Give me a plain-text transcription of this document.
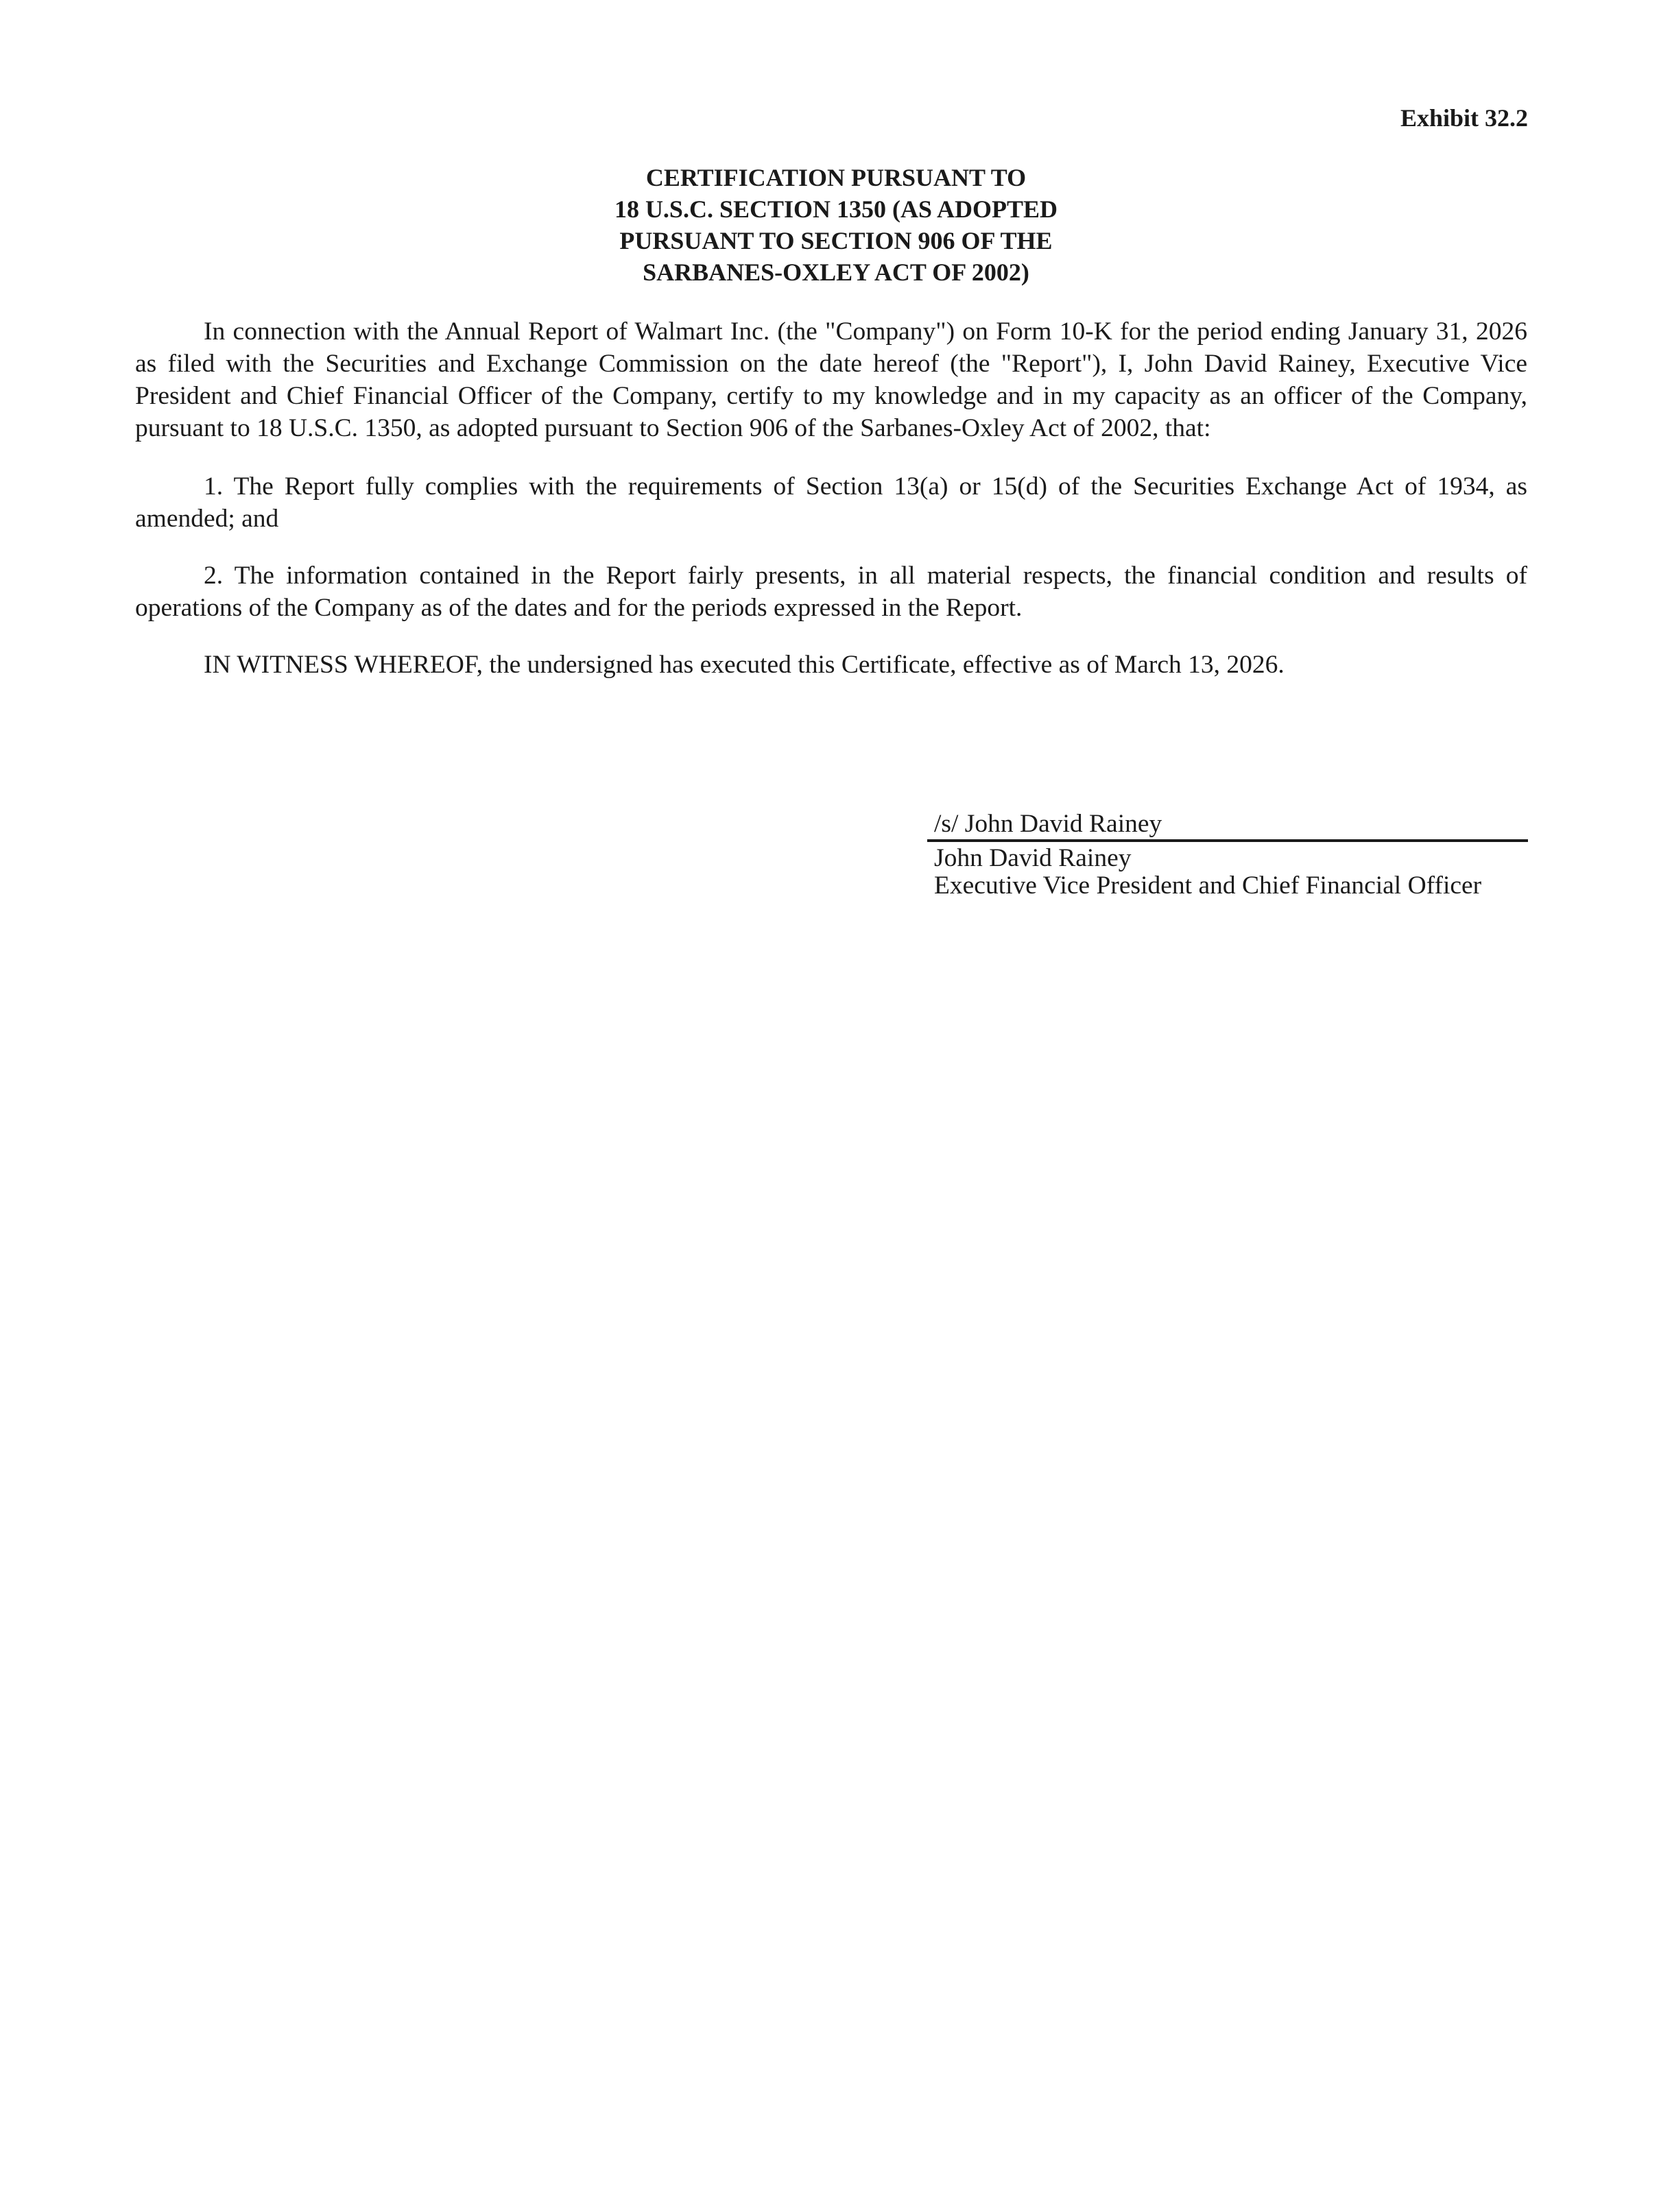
Exhibit 32.2
CERTIFICATION PURSUANT TO
18 U.S.C. SECTION 1350 (AS ADOPTED
PURSUANT TO SECTION 906 OF THE
SARBANES-OXLEY ACT OF 2002)

In connection with the Annual Report of Walmart Inc. (the "Company") on Form 10-K for the period ending January 31, 2026 as filed with the Securities and Exchange Commission on the date hereof (the "Report"), I, John David Rainey, Executive Vice President and Chief Financial Officer of the Company, certify to my knowledge and in my capacity as an officer of the Company, pursuant to 18 U.S.C. 1350, as adopted pursuant to Section 906 of the Sarbanes-Oxley Act of 2002, that:

1. The Report fully complies with the requirements of Section 13(a) or 15(d) of the Securities Exchange Act of 1934, as amended; and

2. The information contained in the Report fairly presents, in all material respects, the financial condition and results of operations of the Company as of the dates and for the periods expressed in the Report.

IN WITNESS WHEREOF, the undersigned has executed this Certificate, effective as of March 13, 2026.

/s/ John David Rainey
John David Rainey
Executive Vice President and Chief Financial Officer
